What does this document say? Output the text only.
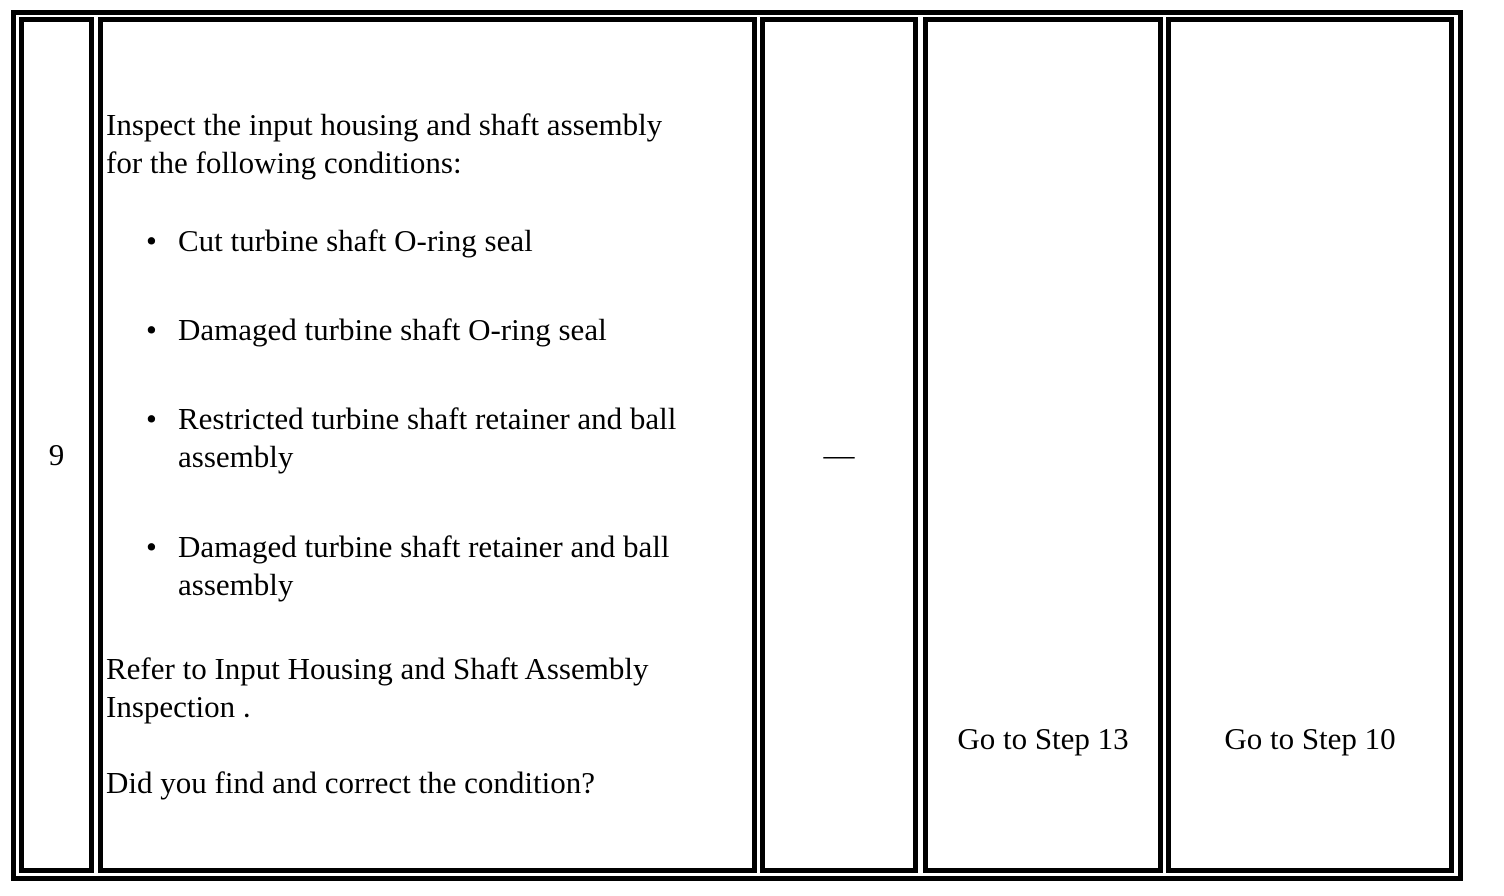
9
Inspect the input housing and shaft assembly
for the following conditions:
• Cut turbine shaft O-ring seal
• Damaged turbine shaft O-ring seal
• Restricted turbine shaft retainer and ball
assembly
• Damaged turbine shaft retainer and ball
assembly
Refer to Input Housing and Shaft Assembly
Inspection .
Did you find and correct the condition?
—
Go to Step 13	Go to Step 10
